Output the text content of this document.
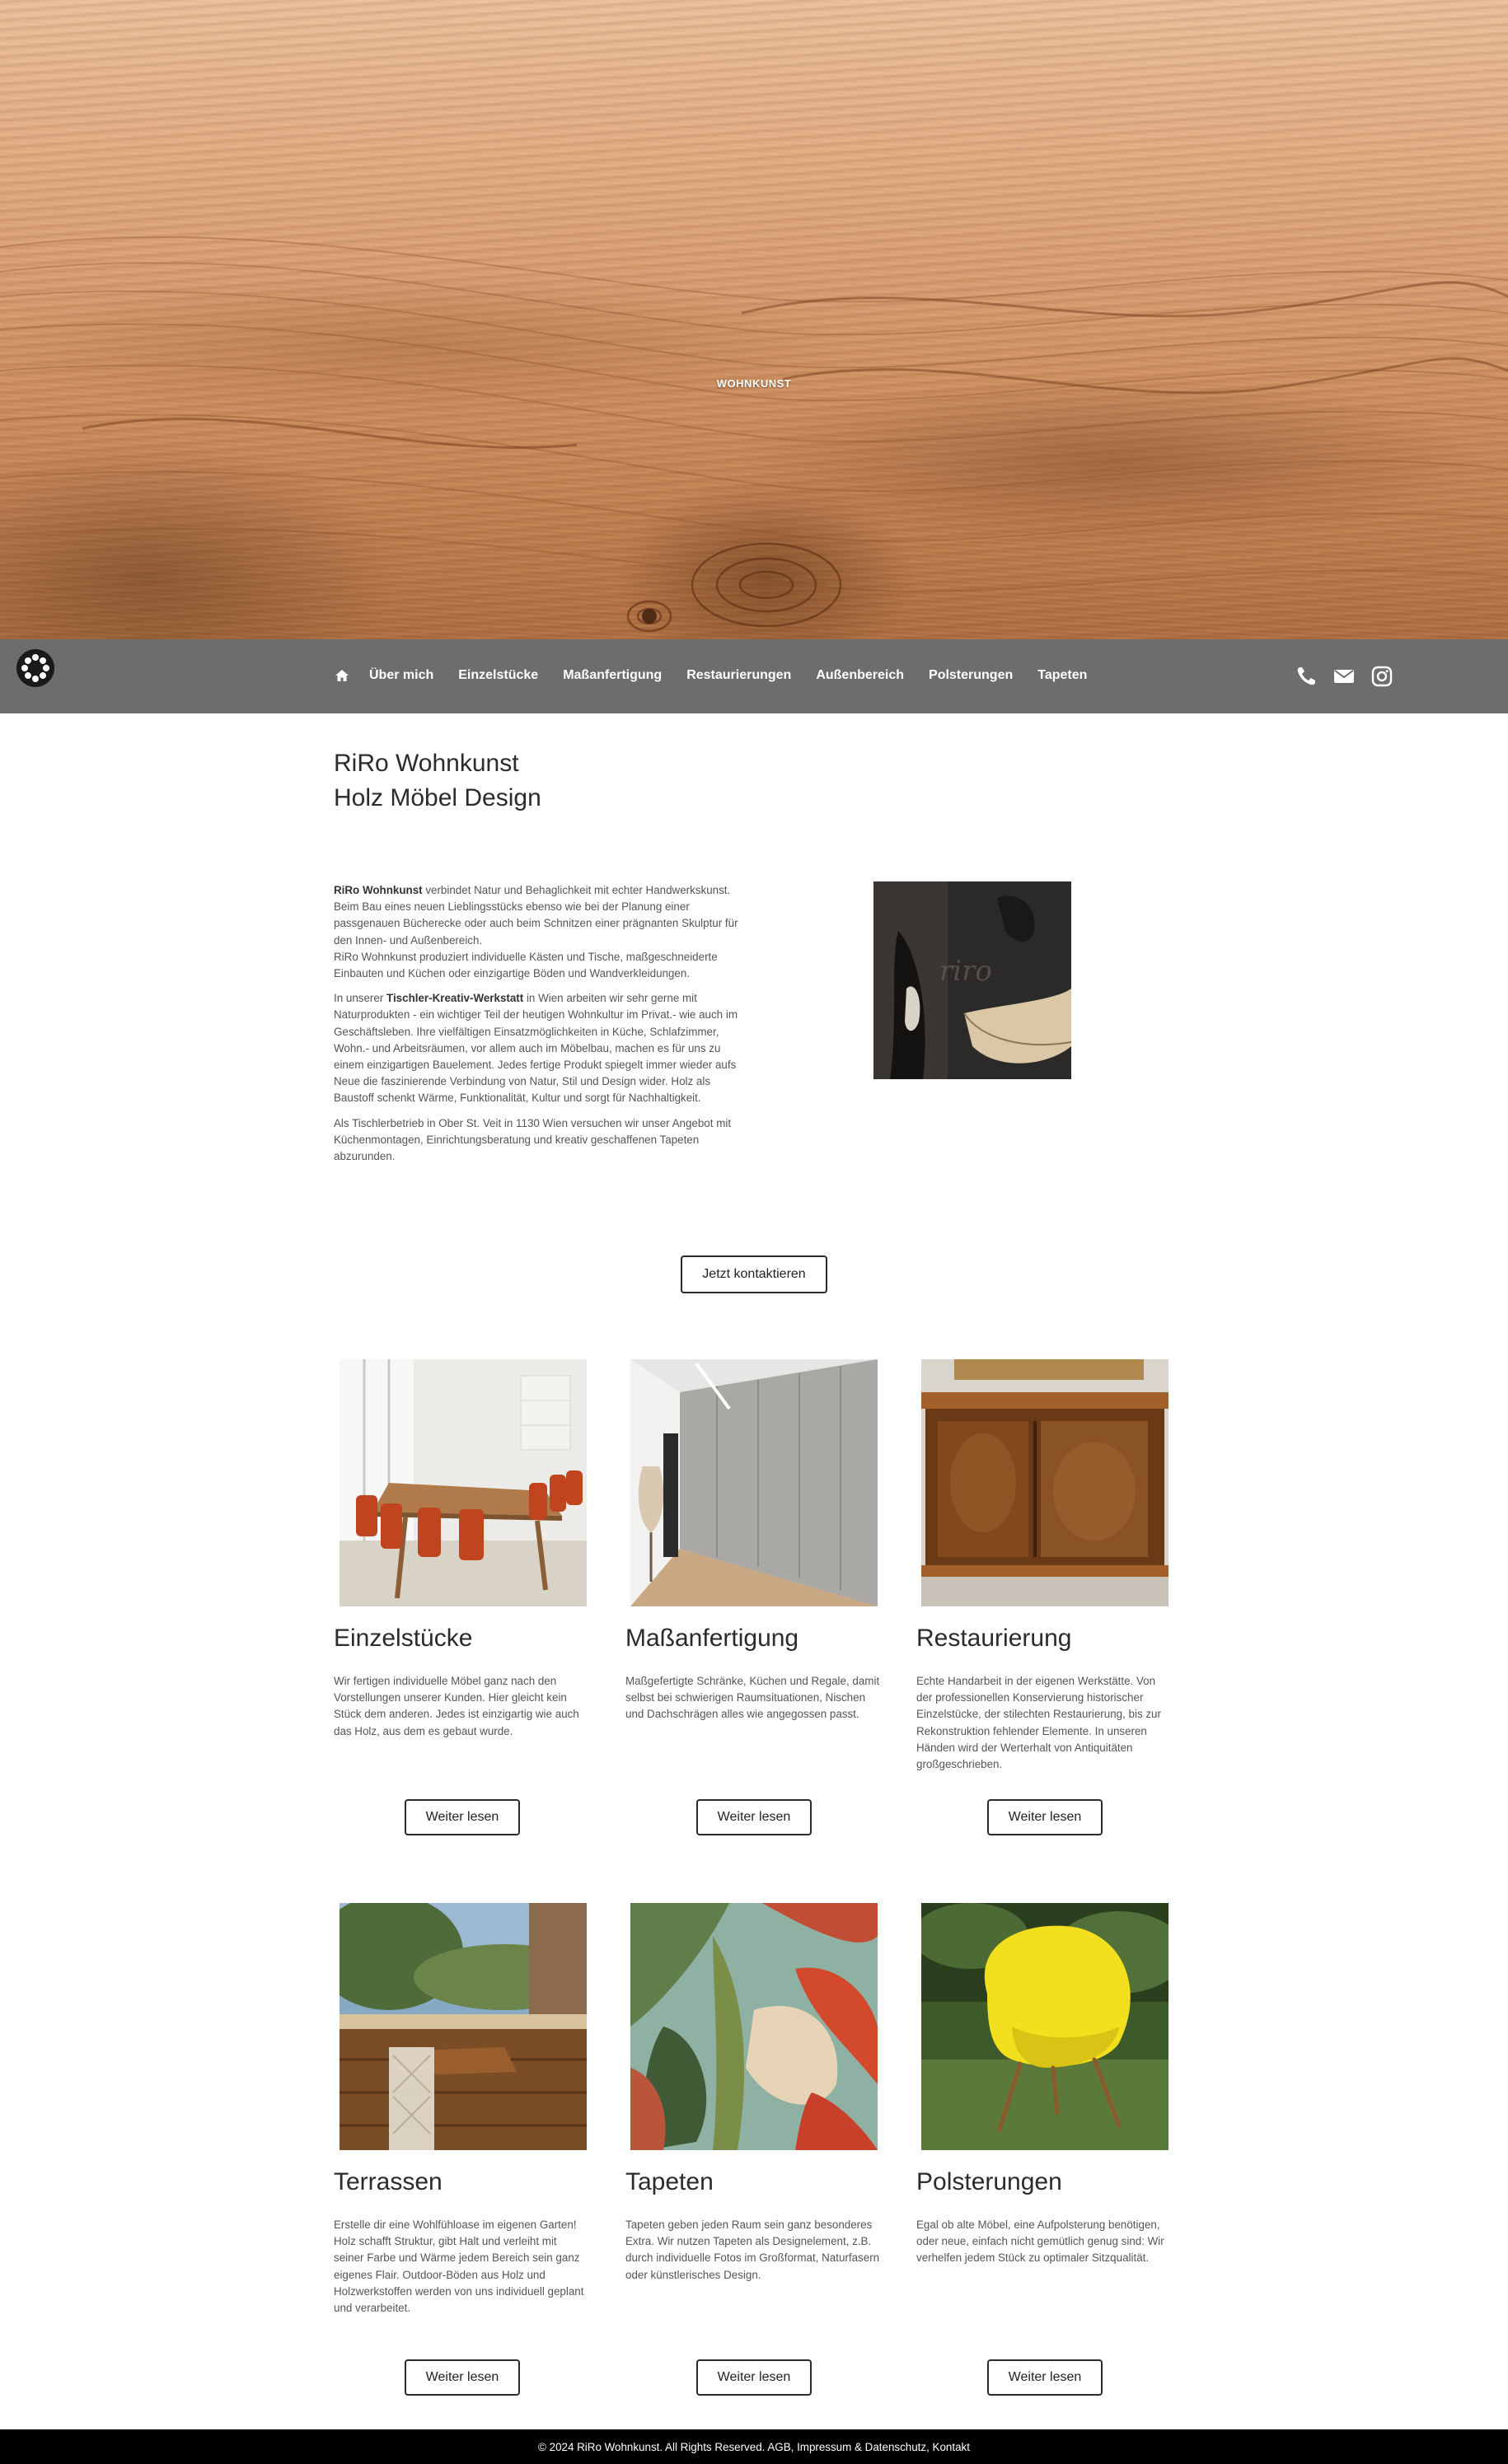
WOHNKUNST
Über mich Einzelstücke Maßanfertigung Restaurierungen Außenbereich Polsterungen Tapeten
RiRo Wohnkunst
Holz Möbel Design

RiRo Wohnkunst verbindet Natur und Behaglichkeit mit echter Handwerkskunst. Beim Bau eines neuen Lieblingsstücks ebenso wie bei der Planung einer passgenauen Bücherecke oder auch beim Schnitzen einer prägnanten Skulptur für den Innen- und Außenbereich.
RiRo Wohnkunst produziert individuelle Kästen und Tische, maßgeschneiderte Einbauten und Küchen oder einzigartige Böden und Wandverkleidungen.

In unserer Tischler-Kreativ-Werkstatt in Wien arbeiten wir sehr gerne mit Naturprodukten - ein wichtiger Teil der heutigen Wohnkultur im Privat.- wie auch im Geschäftsleben. Ihre vielfältigen Einsatzmöglichkeiten in Küche, Schlafzimmer, Wohn.- und Arbeitsräumen, vor allem auch im Möbelbau, machen es für uns zu einem einzigartigen Bauelement. Jedes fertige Produkt spiegelt immer wieder aufs Neue die faszinierende Verbindung von Natur, Stil und Design wider. Holz als Baustoff schenkt Wärme, Funktionalität, Kultur und sorgt für Nachhaltigkeit.

Als Tischlerbetrieb in Ober St. Veit in 1130 Wien versuchen wir unser Angebot mit Küchenmontagen, Einrichtungsberatung und kreativ geschaffenen Tapeten abzurunden.

riro
Jetzt kontaktieren
Einzelstücke
Wir fertigen individuelle Möbel ganz nach den Vorstellungen unserer Kunden. Hier gleicht kein Stück dem anderen. Jedes ist einzigartig wie auch das Holz, aus dem es gebaut wurde.
Weiter lesen
Maßanfertigung
Maßgefertigte Schränke, Küchen und Regale, damit selbst bei schwierigen Raumsituationen, Nischen und Dachschrägen alles wie angegossen passt.
Weiter lesen
Restaurierung
Echte Handarbeit in der eigenen Werkstätte. Von der professionellen Konservierung historischer Einzelstücke, der stilechten Restaurierung, bis zur Rekonstruktion fehlender Elemente. In unseren Händen wird der Werterhalt von Antiquitäten großgeschrieben.
Weiter lesen
Terrassen
Erstelle dir eine Wohlfühloase im eigenen Garten! Holz schafft Struktur, gibt Halt und verleiht mit seiner Farbe und Wärme jedem Bereich sein ganz eigenes Flair. Outdoor-Böden aus Holz und Holzwerkstoffen werden von uns individuell geplant und verarbeitet.
Weiter lesen
Tapeten
Tapeten geben jeden Raum sein ganz besonderes Extra. Wir nutzen Tapeten als Designelement, z.B. durch individuelle Fotos im Großformat, Naturfasern oder künstlerisches Design.
Weiter lesen
Polsterungen
Egal ob alte Möbel, eine Aufpolsterung benötigen, oder neue, einfach nicht gemütlich genug sind: Wir verhelfen jedem Stück zu optimaler Sitzqualität.
Weiter lesen
© 2024 RiRo Wohnkunst. All Rights Reserved. AGB, Impressum & Datenschutz, Kontakt
